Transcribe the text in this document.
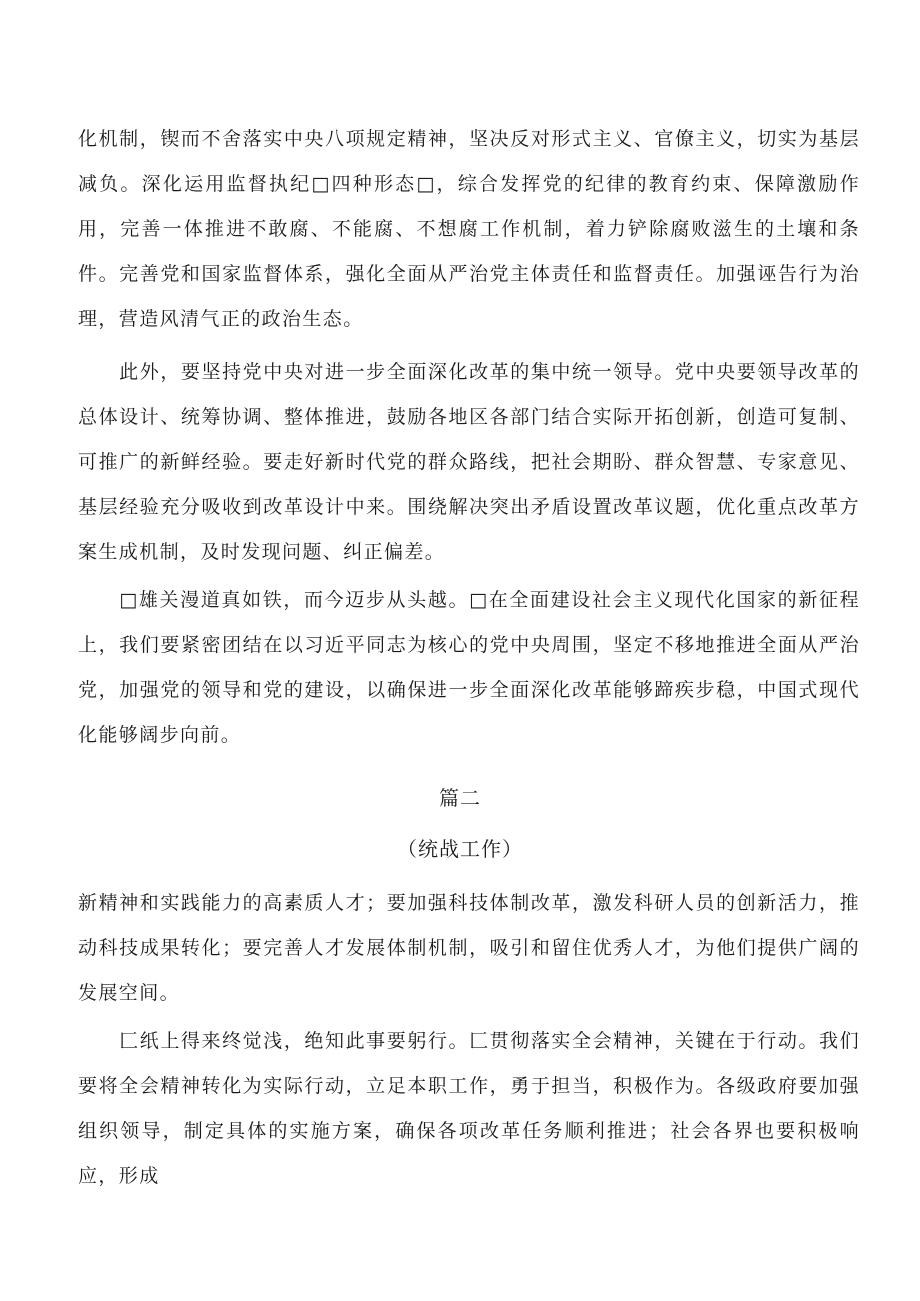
化机制，锲而不舍落实中央八项规定精神，坚决反对形式主义、官僚主义，切实为基层减负。深化运用监督执纪□四种形态□，综合发挥党的纪律的教育约束、保障激励作用，完善一体推进不敢腐、不能腐、不想腐工作机制，着力铲除腐败滋生的土壤和条件。完善党和国家监督体系，强化全面从严治党主体责任和监督责任。加强诬告行为治理，营造风清气正的政治生态。

　　此外，要坚持党中央对进一步全面深化改革的集中统一领导。党中央要领导改革的总体设计、统筹协调、整体推进，鼓励各地区各部门结合实际开拓创新，创造可复制、可推广的新鲜经验。要走好新时代党的群众路线，把社会期盼、群众智慧、专家意见、基层经验充分吸收到改革设计中来。围绕解决突出矛盾设置改革议题，优化重点改革方案生成机制，及时发现问题、纠正偏差。

　　□雄关漫道真如铁，而今迈步从头越。□在全面建设社会主义现代化国家的新征程上，我们要紧密团结在以习近平同志为核心的党中央周围，坚定不移地推进全面从严治党，加强党的领导和党的建设，以确保进一步全面深化改革能够蹄疾步稳，中国式现代化能够阔步向前。

篇二
（统战工作）

新精神和实践能力的高素质人才；要加强科技体制改革，激发科研人员的创新活力，推动科技成果转化；要完善人才发展体制机制，吸引和留住优秀人才，为他们提供广阔的发展空间。

　　匚纸上得来终觉浅，绝知此事要躬行。匚贯彻落实全会精神，关键在于行动。我们要将全会精神转化为实际行动，立足本职工作，勇于担当，积极作为。各级政府要加强组织领导，制定具体的实施方案，确保各项改革任务顺利推进；社会各界也要积极响应，形成
